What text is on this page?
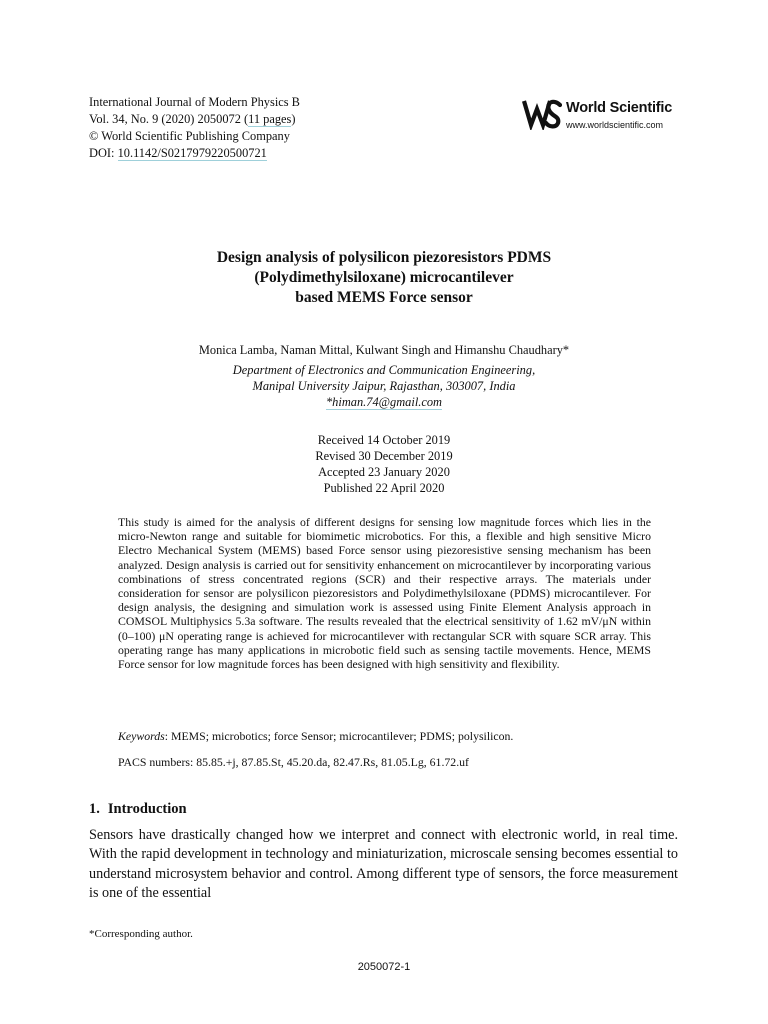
International Journal of Modern Physics B
Vol. 34, No. 9 (2020) 2050072 (11 pages)
© World Scientific Publishing Company
DOI: 10.1142/S0217979220500721
World Scientific
www.worldscientific.com
Design analysis of polysilicon piezoresistors PDMS
(Polydimethylsiloxane) microcantilever
based MEMS Force sensor
Monica Lamba, Naman Mittal, Kulwant Singh and Himanshu Chaudhary*
Department of Electronics and Communication Engineering,
Manipal University Jaipur, Rajasthan, 303007, India
*himan.74@gmail.com
Received 14 October 2019
Revised 30 December 2019
Accepted 23 January 2020
Published 22 April 2020
This study is aimed for the analysis of different designs for sensing low magnitude forces which lies in the micro-Newton range and suitable for biomimetic microbotics. For this, a flexible and high sensitive Micro Electro Mechanical System (MEMS) based Force sensor using piezoresistive sensing mechanism has been analyzed. Design analysis is carried out for sensitivity enhancement on microcantilever by incorporating various combinations of stress concentrated regions (SCR) and their respective arrays. The materials under consideration for sensor are polysilicon piezoresistors and Polydimethylsiloxane (PDMS) microcantilever. For design analysis, the designing and simulation work is assessed using Finite Element Analysis approach in COMSOL Multiphysics 5.3a software. The results revealed that the electrical sensitivity of 1.62 mV/μN within (0–100) μN operating range is achieved for microcantilever with rectangular SCR with square SCR array. This operating range has many applications in microbotic field such as sensing tactile movements. Hence, MEMS Force sensor for low magnitude forces has been designed with high sensitivity and flexibility.
Keywords: MEMS; microbotics; force Sensor; microcantilever; PDMS; polysilicon.
PACS numbers: 85.85.+j, 87.85.St, 45.20.da, 82.47.Rs, 81.05.Lg, 61.72.uf
1. Introduction
Sensors have drastically changed how we interpret and connect with electronic world, in real time. With the rapid development in technology and miniaturization, microscale sensing becomes essential to understand microsystem behavior and control. Among different type of sensors, the force measurement is one of the essential
*Corresponding author.
2050072-1
